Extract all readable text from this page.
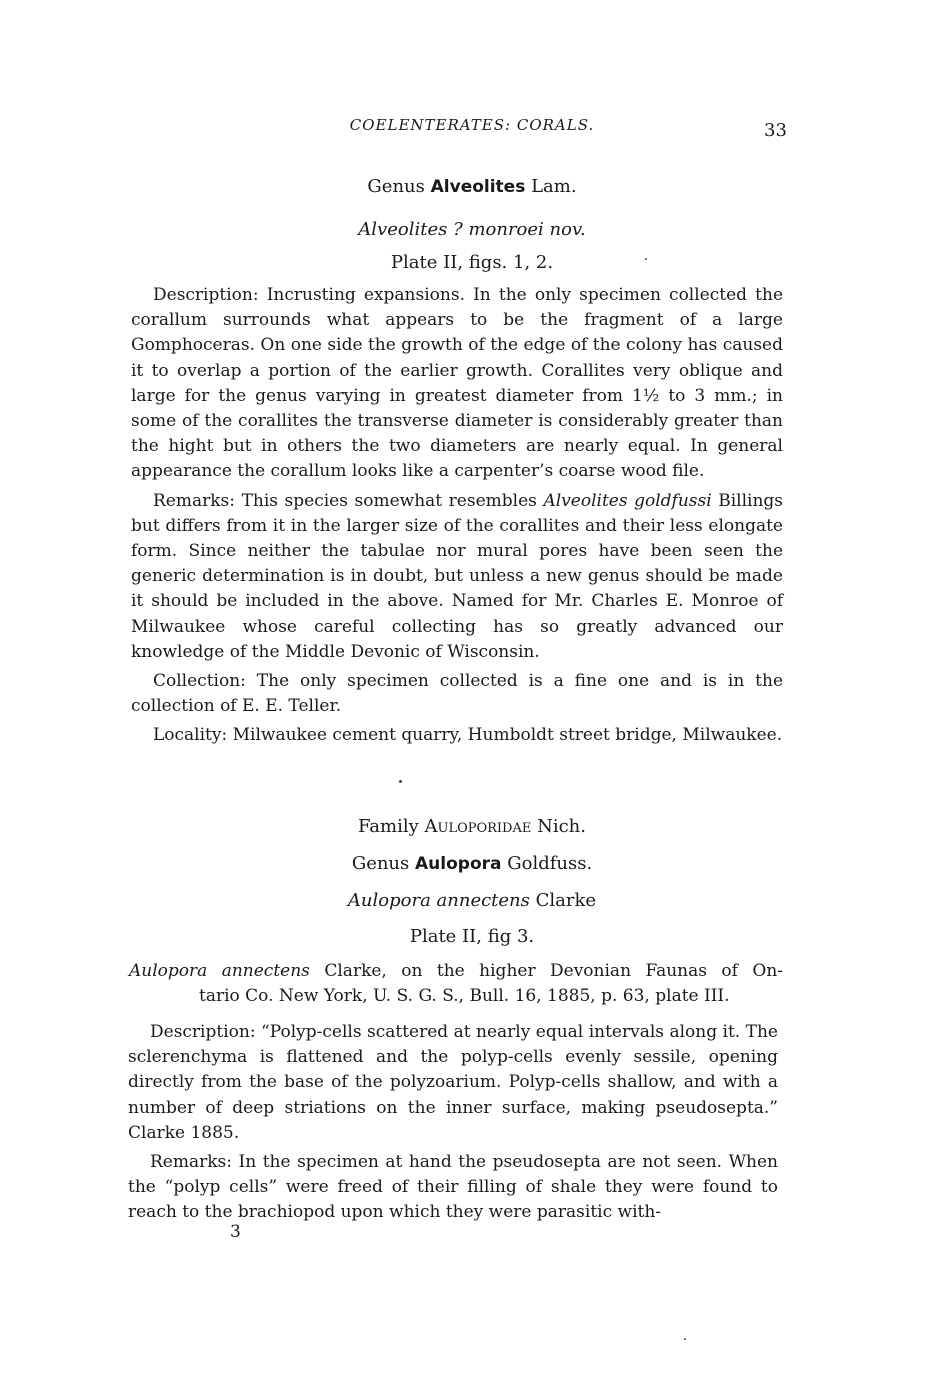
COELENTERATES: CORALS.	33
Genus Alveolites Lam.
Alveolites ? monroei nov.
Plate II, figs. 1, 2.

Description: Incrusting expansions. In the only specimen collected the corallum surrounds what appears to be the fragment of a large Gomphoceras. On one side the growth of the edge of the colony has caused it to overlap a portion of the earlier growth. Corallites very oblique and large for the genus varying in greatest diameter from 1½ to 3 mm.; in some of the corallites the transverse diameter is considerably greater than the hight but in others the two diameters are nearly equal. In general appearance the corallum looks like a carpenter’s coarse wood file.

Remarks: This species somewhat resembles Alveolites goldfussi Billings but differs from it in the larger size of the corallites and their less elongate form. Since neither the tabulae nor mural pores have been seen the generic determination is in doubt, but unless a new genus should be made it should be included in the above. Named for Mr. Charles E. Monroe of Milwaukee whose careful collecting has so greatly advanced our knowledge of the Middle Devonic of Wisconsin.

Collection: The only specimen collected is a fine one and is in the collection of E. E. Teller.

Locality: Milwaukee cement quarry, Humboldt street bridge, Milwaukee.

Family Auloporidae Nich.
Genus Aulopora Goldfuss.
Aulopora annectens Clarke
Plate II, fig 3.
Aulopora annectens Clarke, on the higher Devonian Faunas of On-
tario Co. New York, U. S. G. S., Bull. 16, 1885, p. 63, plate III.

Description: “Polyp-cells scattered at nearly equal intervals along it. The sclerenchyma is flattened and the polyp-cells evenly sessile, opening directly from the base of the polyzoarium. Polyp-cells shallow, and with a number of deep striations on the inner surface, making pseudosepta.” Clarke 1885.

Remarks: In the specimen at hand the pseudosepta are not seen. When the “polyp cells” were freed of their filling of shale they were found to reach to the brachiopod upon which they were parasitic with-

3
